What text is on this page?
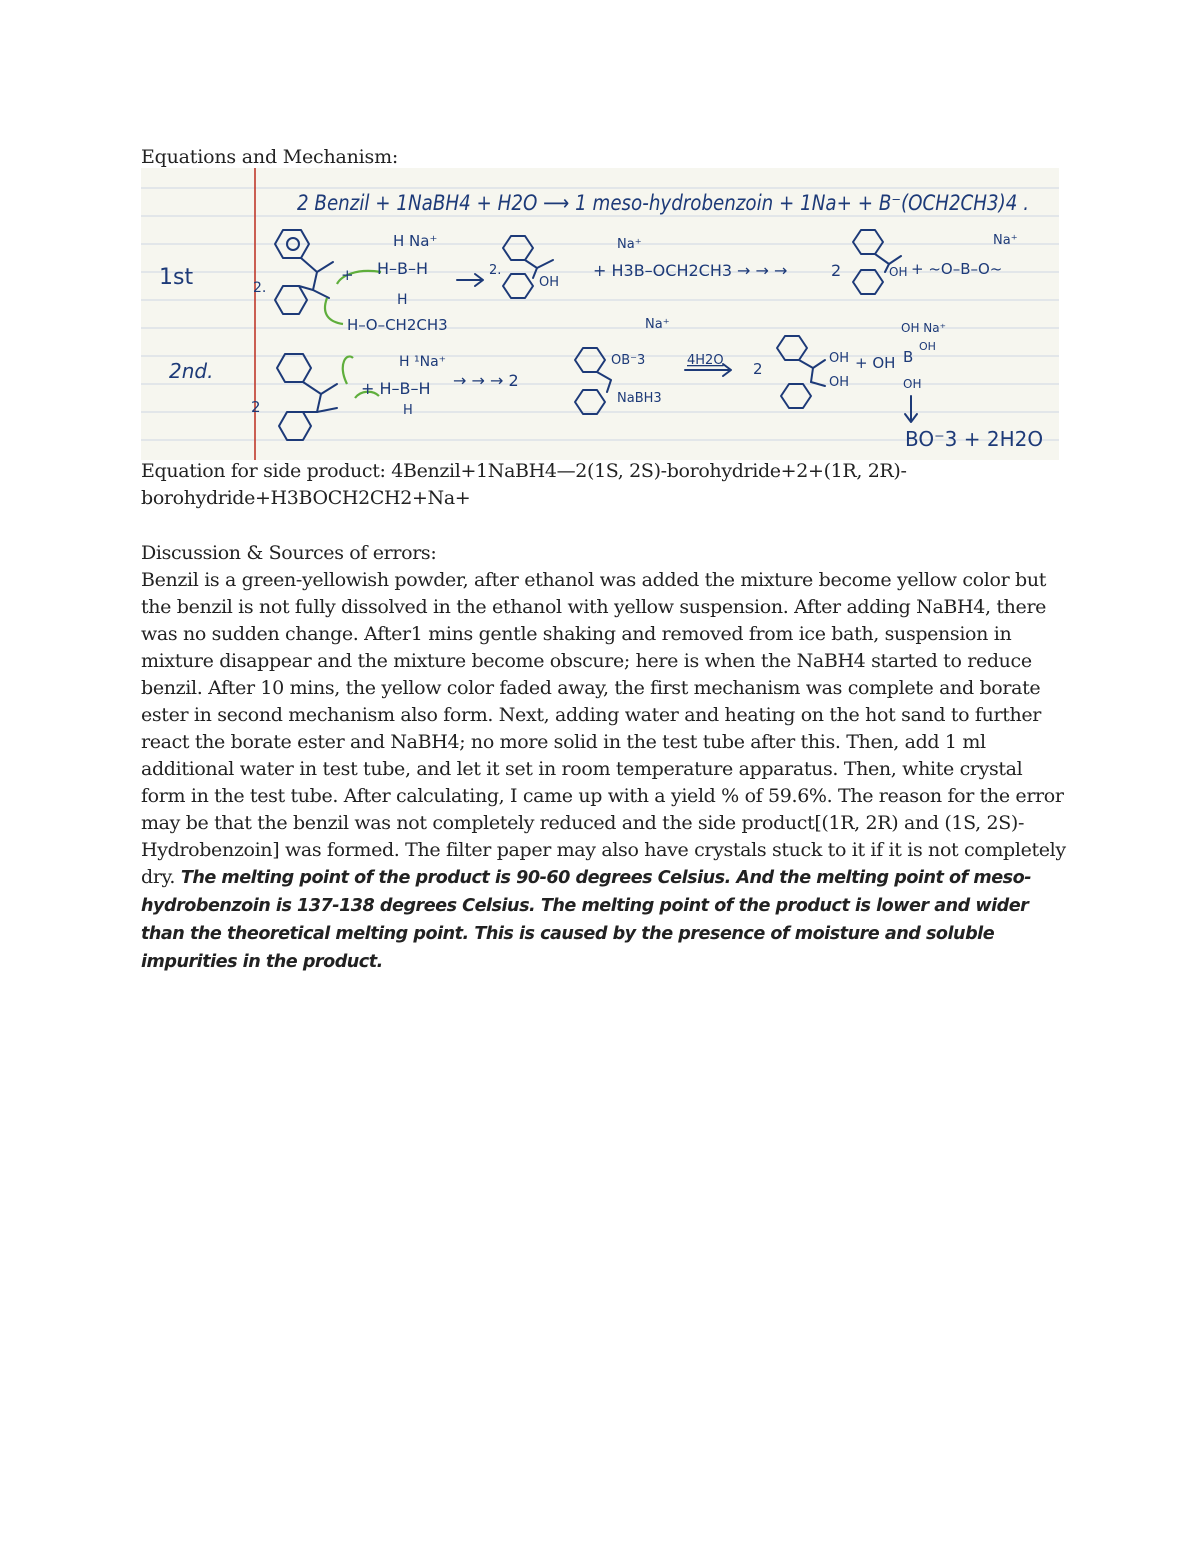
Equations and Mechanism:
1st
2nd.
2 Benzil + 1NaBH4 + H2O ⟶ 1 meso-hydrobenzoin + 1Na+ + B⁻(OCH2CH3)4 .
2.
+
H Na⁺
H–B–H
H
H–O–CH2CH3
2.
OH
Na⁺
+ H3B–OCH2CH3 → → →	2	OH + ~O–B–O~
Na⁺
2
H ¹Na⁺
+ H–B–H
H
→ → → 2
Na⁺
OB⁻3
NaBH3
4H2O 2
OH
OH
+ OH
OH Na⁺
B
OH
OH
BO⁻3 + 2H2O

Equation for side product: 4Benzil+1NaBH4—2(1S, 2S)-borohydride+2+(1R, 2R)-

borohydride+H3BOCH2CH2+Na+

Discussion & Sources of errors:

Benzil is a green-yellowish powder, after ethanol was added the mixture become yellow color but the benzil is not fully dissolved in the ethanol with yellow suspension. After adding NaBH4, there was no sudden change. After1 mins gentle shaking and removed from ice bath, suspension in mixture disappear and the mixture become obscure; here is when the NaBH4 started to reduce benzil. After 10 mins, the yellow color faded away, the first mechanism was complete and borate ester in second mechanism also form. Next, adding water and heating on the hot sand to further react the borate ester and NaBH4; no more solid in the test tube after this. Then, add 1 ml additional water in test tube, and let it set in room temperature apparatus. Then, white crystal form in the test tube. After calculating, I came up with a yield % of 59.6%. The reason for the error may be that the benzil was not completely reduced and the side product[(1R, 2R) and (1S, 2S)-Hydrobenzoin] was formed. The filter paper may also have crystals stuck to it if it is not completely dry. The melting point of the product is 90-60 degrees Celsius. And the melting point of meso-hydrobenzoin is 137-138 degrees Celsius. The melting point of the product is lower and wider than the theoretical melting point. This is caused by the presence of moisture and soluble impurities in the product.
